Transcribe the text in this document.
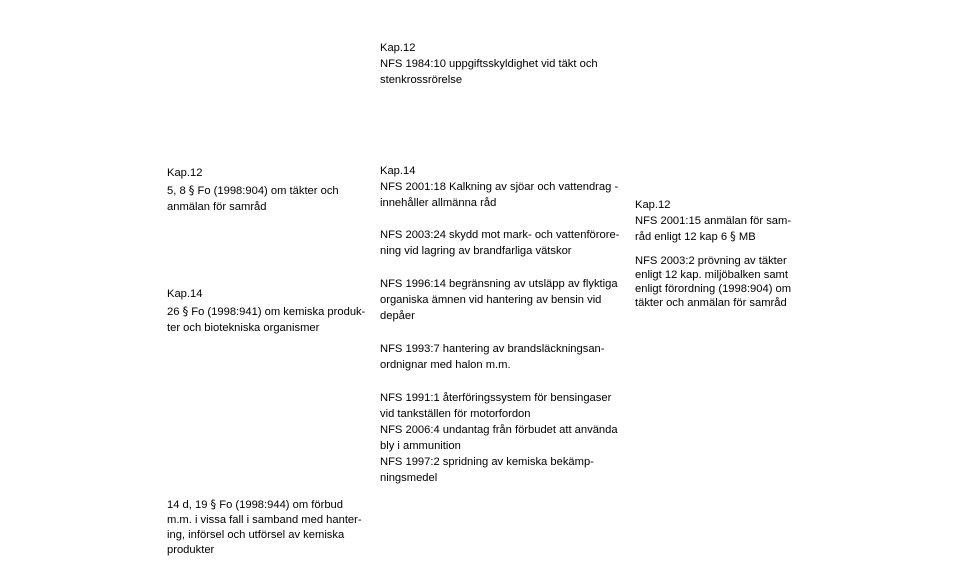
Kap.12
NFS 1984:10 uppgiftsskyldighet vid täkt och
stenkrossrörelse
Kap.12
5, 8 § Fo (1998:904) om täkter och
anmälan för samråd
Kap.14
26 § Fo (1998:941) om kemiska produk-
ter och biotekniska organismer
14 d, 19 § Fo (1998:944) om förbud
m.m. i vissa fall i samband med hanter-
ing, införsel och utförsel av kemiska
produkter
Kap.14
NFS 2001:18 Kalkning av sjöar och vattendrag -
innehåller allmänna råd
NFS 2003:24 skydd mot mark- och vattenförore-
ning vid lagring av brandfarliga vätskor
NFS 1996:14 begränsning av utsläpp av flyktiga
organiska ämnen vid hantering av bensin vid
depåer
NFS 1993:7 hantering av brandsläckningsan-
ordnignar med halon m.m.
NFS 1991:1 återföringssystem för bensingaser
vid tankställen för motorfordon
NFS 2006:4 undantag från förbudet att använda
bly i ammunition
NFS 1997:2 spridning av kemiska bekämp-
ningsmedel
Kap.12
NFS 2001:15 anmälan för sam-
råd enligt 12 kap 6 § MB
NFS 2003:2 prövning av täkter
enligt 12 kap. miljöbalken samt
enligt förordning (1998:904) om
täkter och anmälan för samråd
